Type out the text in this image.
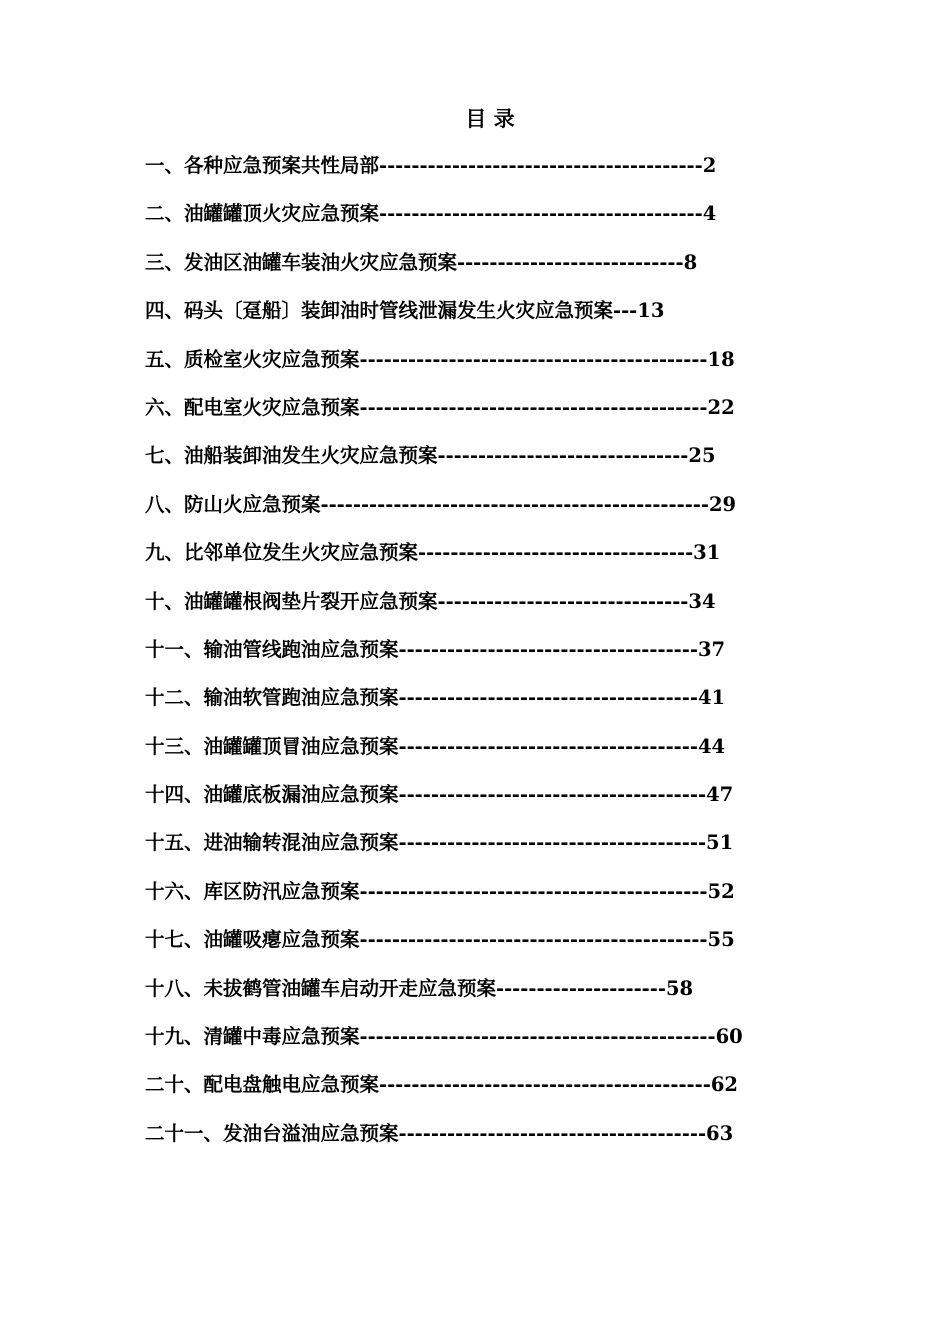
目 录
一、各种应急预案共性局部----------------------------------------2
二、油罐罐顶火灾应急预案----------------------------------------4
三、发油区油罐车装油火灾应急预案----------------------------8
四、码头〔趸船〕装卸油时管线泄漏发生火灾应急预案---13
五、质检室火灾应急预案-------------------------------------------18
六、配电室火灾应急预案-------------------------------------------22
七、油船装卸油发生火灾应急预案-------------------------------25
八、防山火应急预案------------------------------------------------29
九、比邻单位发生火灾应急预案----------------------------------31
十、油罐罐根阀垫片裂开应急预案-------------------------------34
十一、输油管线跑油应急预案-------------------------------------37
十二、输油软管跑油应急预案-------------------------------------41
十三、油罐罐顶冒油应急预案-------------------------------------44
十四、油罐底板漏油应急预案--------------------------------------47
十五、进油输转混油应急预案--------------------------------------51
十六、库区防汛应急预案-------------------------------------------52
十七、油罐吸瘪应急预案-------------------------------------------55
十八、未拔鹤管油罐车启动开走应急预案---------------------58
十九、清罐中毒应急预案--------------------------------------------60
二十、配电盘触电应急预案-----------------------------------------62
二十一、发油台溢油应急预案--------------------------------------63
